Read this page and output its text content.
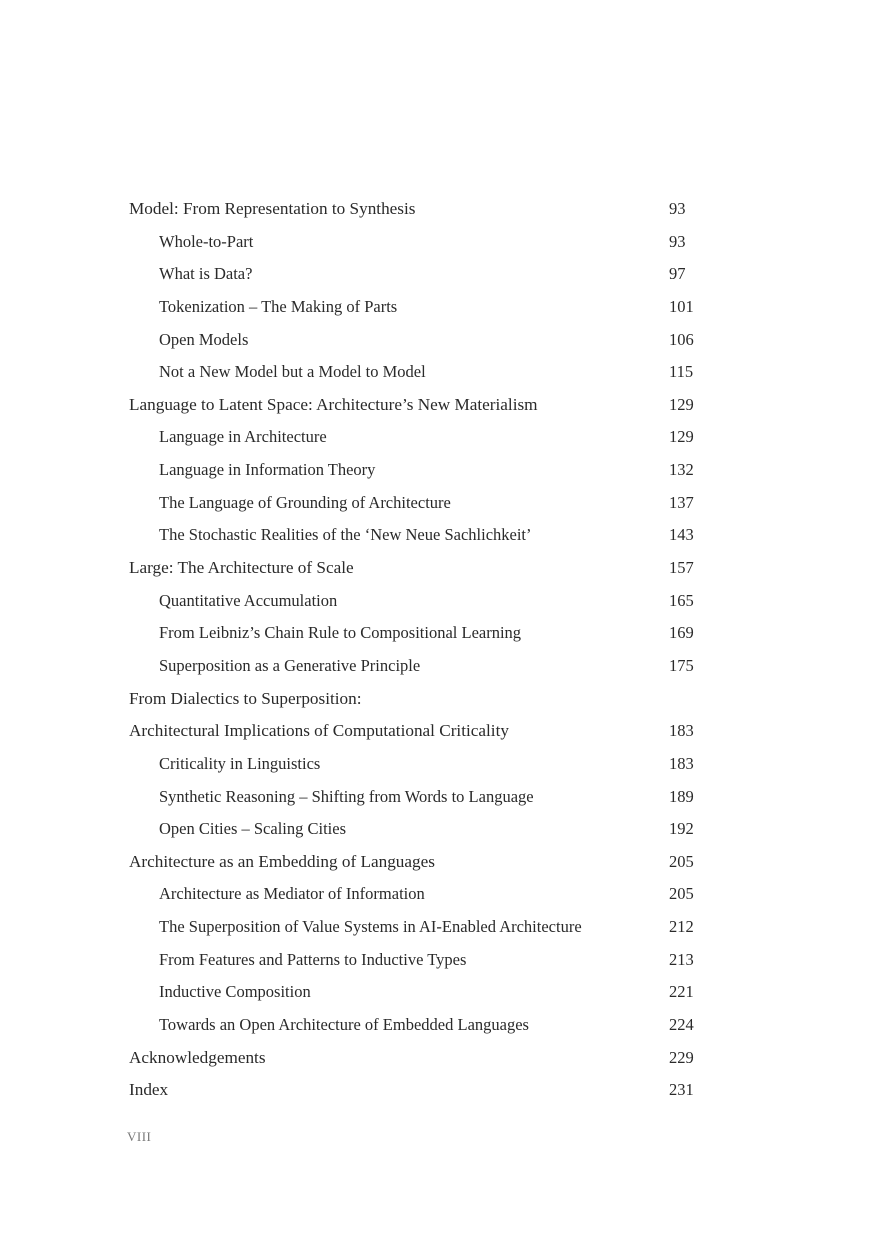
Model: From Representation to Synthesis	93
Whole-to-Part	93
What is Data?	97
Tokenization – The Making of Parts	101
Open Models	106
Not a New Model but a Model to Model	115
Language to Latent Space: Architecture’s New Materialism	129
Language in Architecture	129
Language in Information Theory	132
The Language of Grounding of Architecture	137
The Stochastic Realities of the ‘New Neue Sachlichkeit’	143
Large: The Architecture of Scale	157
Quantitative Accumulation	165
From Leibniz’s Chain Rule to Compositional Learning	169
Superposition as a Generative Principle	175
From Dialectics to Superposition:
Architectural Implications of Computational Criticality	183
Criticality in Linguistics	183
Synthetic Reasoning – Shifting from Words to Language	189
Open Cities – Scaling Cities	192
Architecture as an Embedding of Languages	205
Architecture as Mediator of Information	205
The Superposition of Value Systems in AI-Enabled Architecture	212
From Features and Patterns to Inductive Types	213
Inductive Composition	221
Towards an Open Architecture of Embedded Languages	224
Acknowledgements	229
Index	231
VIII
